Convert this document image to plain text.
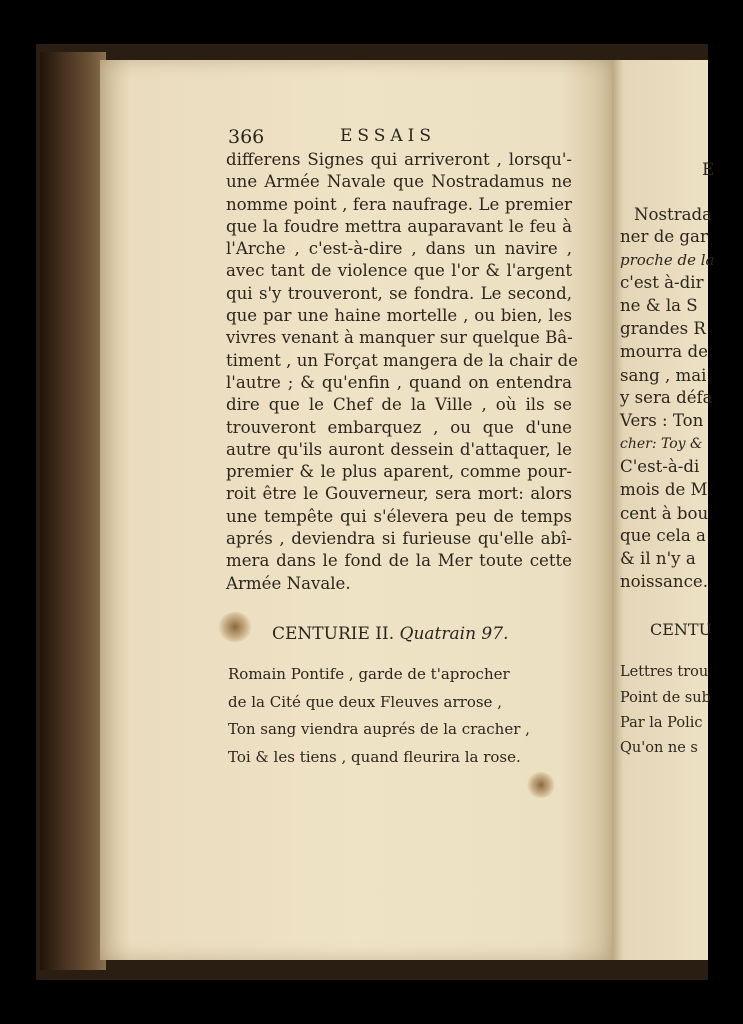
366	ESSAIS
differens Signes qui arriveront , lorsqu'-
une Armée Navale que Nostradamus ne
nomme point , fera naufrage. Le premier
que la foudre mettra auparavant le feu à
l'Arche , c'est-à-dire , dans un navire ,
avec tant de violence que l'or & l'argent
qui s'y trouveront, se fondra. Le second,
que par une haine mortelle , ou bien, les
vivres venant à manquer sur quelque Bâ-
timent , un Forçat mangera de la chair de
l'autre ; & qu'enfin , quand on entendra
dire que le Chef de la Ville , où ils se
trouveront embarquez , ou que d'une
autre qu'ils auront dessein d'attaquer, le
premier & le plus aparent, comme pour-
roit être le Gouverneur, sera mort: alors
une tempête qui s'élevera peu de temps
aprés , deviendra si furieuse qu'elle abî-
mera dans le fond de la Mer toute cette
Armée Navale.
CENTURIE II. Quatrain 97.
Romain Pontife , garde de t'aprocher
de la Cité que deux Fleuves arrose ,
Ton sang viendra auprés de la cracher ,
Toi & les tiens , quand fleurira la rose.
E
Nostrada
ner de gar
proche de la
c'est à-dir
ne & la S
grandes R
mourra de
sang , mai
y sera défa
Vers : Ton
cher: Toy &
C'est-à-di
mois de M
cent à bou
que cela a
& il n'y a
noissance.
CENTU
Lettres trou
Point de sub
Par la Polic
Qu'on ne s
